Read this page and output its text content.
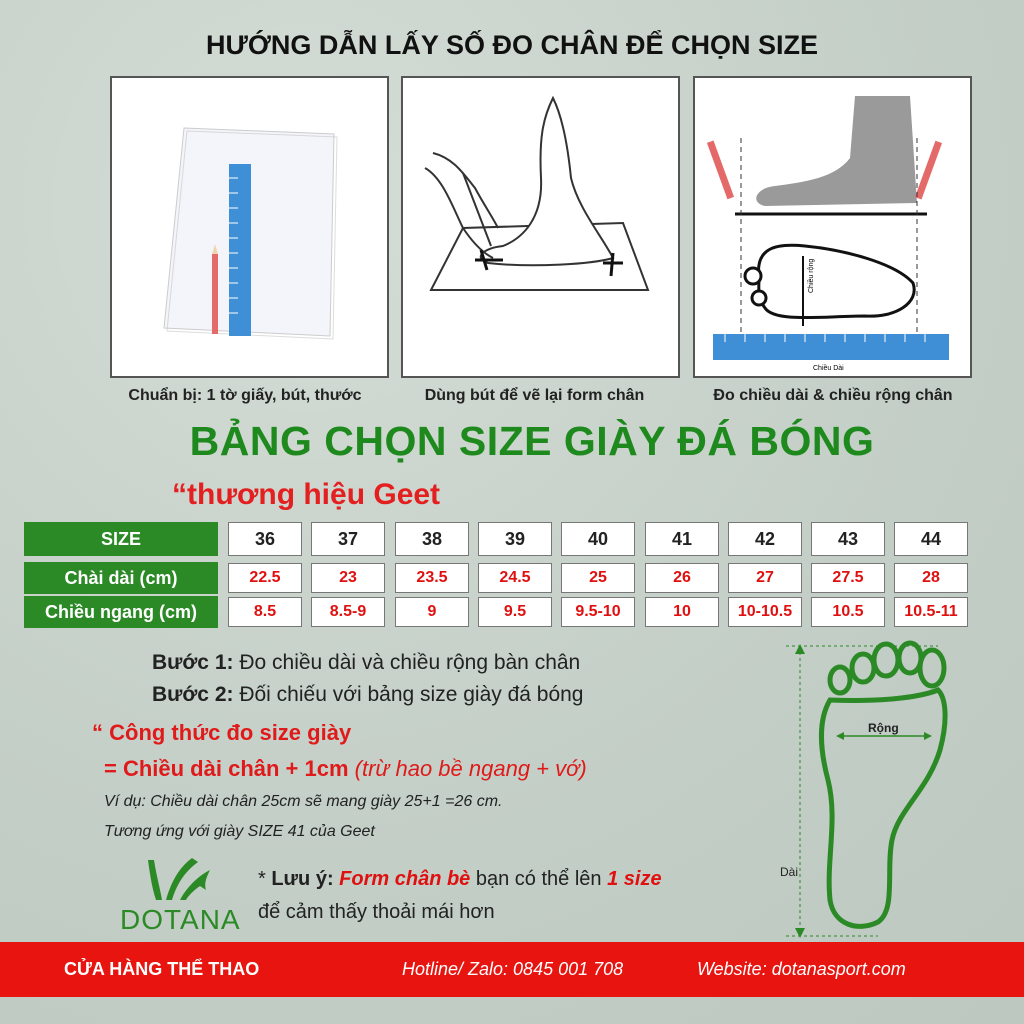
HƯỚNG DẪN LẤY SỐ ĐO CHÂN ĐỂ CHỌN SIZE
Chuẩn bị: 1 tờ giấy, bút, thước	Dùng bút để vẽ lại form chân
Chiều rộng
Chiều Dài
Đo chiều dài & chiều rộng chân
BẢNG CHỌN SIZE GIÀY ĐÁ BÓNG
“thương hiệu Geet
SIZE
Chài dài (cm)
Chiều ngang (cm)
36	37	38	39	40	41	42	43	44
22.5	23	23.5	24.5	25	26	27	27.5	28
8.5	8.5-9	9	9.5	9.5-10	10	10-10.5	10.5	10.5-11
Bước 1: Đo chiều dài và chiều rộng bàn chân
Bước 2: Đối chiếu với bảng size giày đá bóng
“ Công thức đo size giày
= Chiều dài chân + 1cm (trừ hao bề ngang + vớ)
Ví dụ: Chiều dài chân 25cm sẽ mang giày 25+1 =26 cm.
Tương ứng với giày SIZE 41 của Geet
DOTANA
* Lưu ý: Form chân bè bạn có thể lên 1 size
để cảm thấy thoải mái hơn
Dài
Rộng
CỬA HÀNG THỂ THAO	Hotline/ Zalo: 0845 001 708	Website: dotanasport.com
